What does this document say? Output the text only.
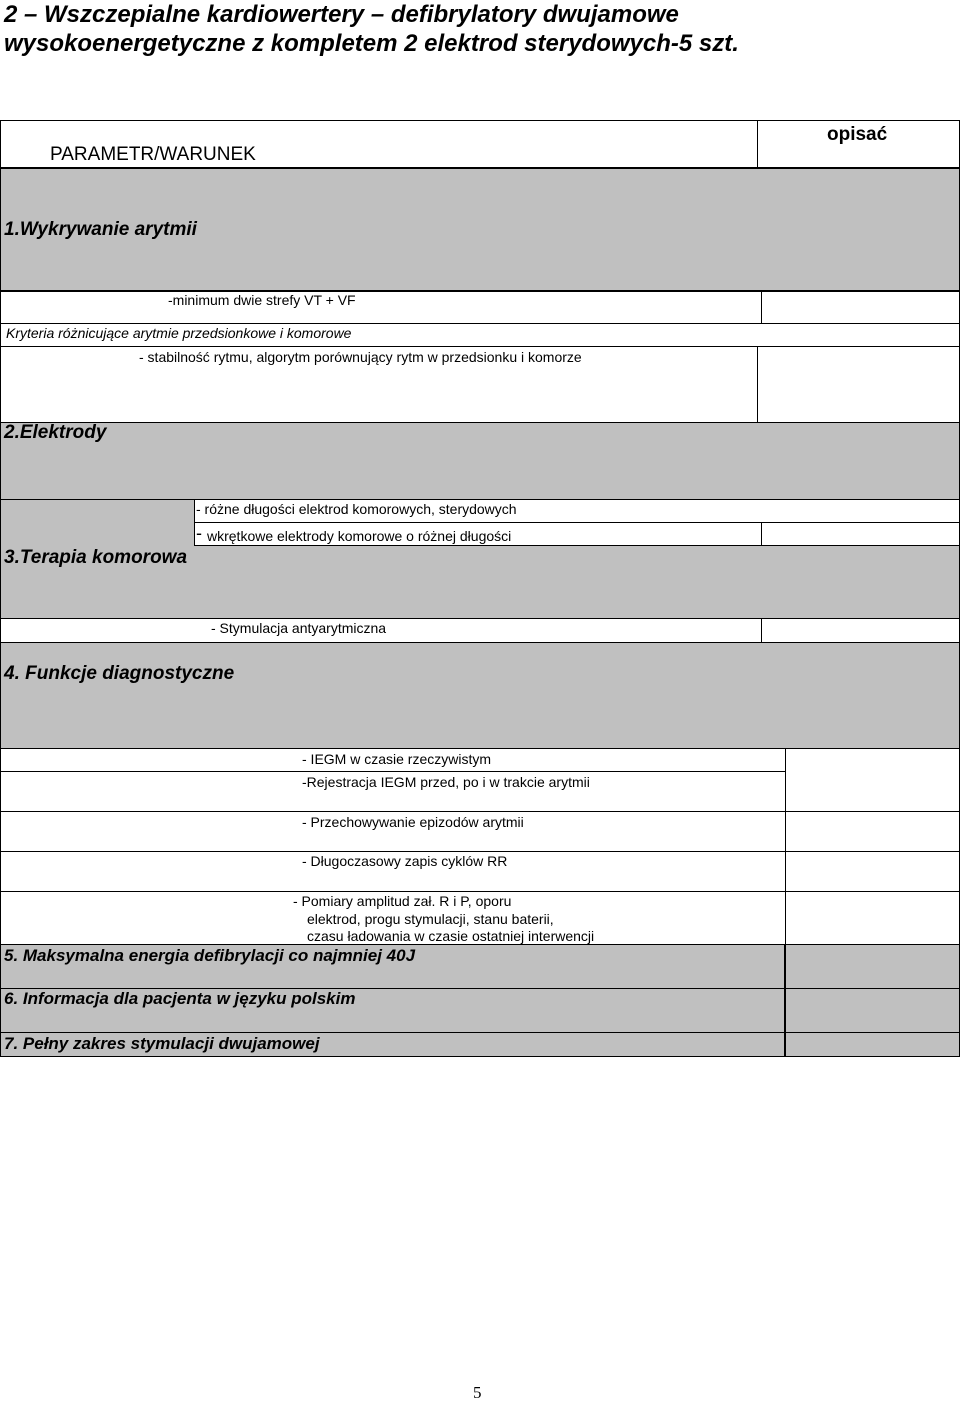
2 – Wszczepialne kardiowertery – defibrylatory dwujamowe
wysokoenergetyczne z kompletem 2 elektrod sterydowych-5 szt.
PARAMETR/WARUNEK
opisać
1.Wykrywanie arytmii
-minimum dwie strefy VT + VF
Kryteria różnicujące arytmie przedsionkowe i komorowe
- stabilność rytmu, algorytm porównujący rytm w przedsionku i komorze
2.Elektrody
- różne długości elektrod komorowych, sterydowych
- wkrętkowe elektrody komorowe o różnej długości
3.Terapia komorowa
- Stymulacja antyarytmiczna
4. Funkcje diagnostyczne
- IEGM w czasie rzeczywistym
-Rejestracja IEGM przed, po i w trakcie arytmii
- Przechowywanie epizodów arytmii
- Długoczasowy zapis cyklów RR
- Pomiary amplitud zał. R i P, oporu
elektrod, progu stymulacji, stanu baterii,
czasu ładowania w czasie ostatniej interwencji
5. Maksymalna energia defibrylacji co najmniej 40J
6. Informacja dla pacjenta w języku polskim
7. Pełny zakres stymulacji dwujamowej
5
